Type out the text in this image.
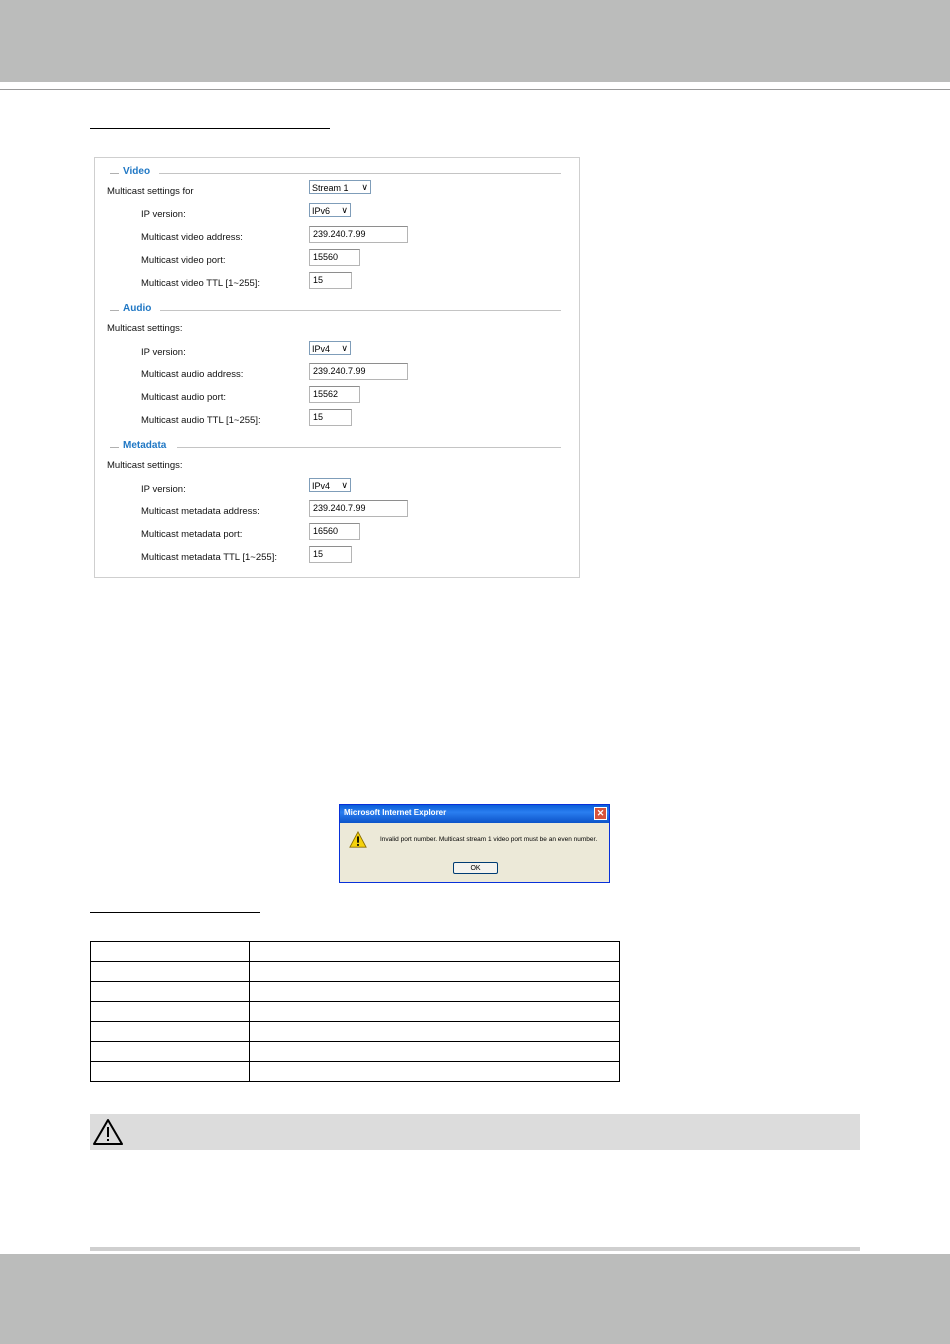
Video
Multicast settings for	Stream 1 ∨
IP version:	IPv6 ∨
Multicast video address:	239.240.7.99
Multicast video port:	15560
Multicast video TTL [1~255]:	15
Audio
Multicast settings:
IP version:	IPv4 ∨
Multicast audio address:	239.240.7.99
Multicast audio port:	15562
Multicast audio TTL [1~255]:	15
Metadata
Multicast settings:
IP version:	IPv4 ∨
Multicast metadata address:	239.240.7.99
Multicast metadata port:	16560
Multicast metadata TTL [1~255]:	15
Microsoft Internet Explorer	✕
Invalid port number. Multicast stream 1 video port must be an even number.
OK
